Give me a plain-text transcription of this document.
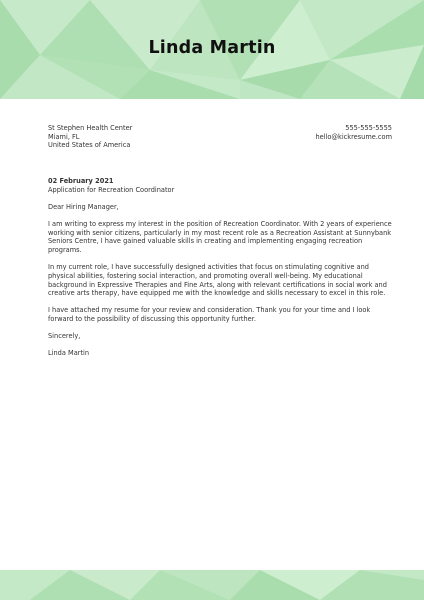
Linda Martin
St Stephen Health Center
Miami, FL
United States of America
555-555-5555
hello@kickresume.com
02 February 2021

Application for Recreation Coordinator

Dear Hiring Manager,

I am writing to express my interest in the position of Recreation Coordinator. With 2 years of experience working with senior citizens, particularly in my most recent role as a Recreation Assistant at Sunnybank Seniors Centre, I have gained valuable skills in creating and implementing engaging recreation programs.

In my current role, I have successfully designed activities that focus on stimulating cognitive and physical abilities, fostering social interaction, and promoting overall well-being. My educational background in Expressive Therapies and Fine Arts, along with relevant certifications in social work and creative arts therapy, have equipped me with the knowledge and skills necessary to excel in this role.

I have attached my resume for your review and consideration. Thank you for your time and I look forward to the possibility of discussing this opportunity further.

Sincerely,

Linda Martin
